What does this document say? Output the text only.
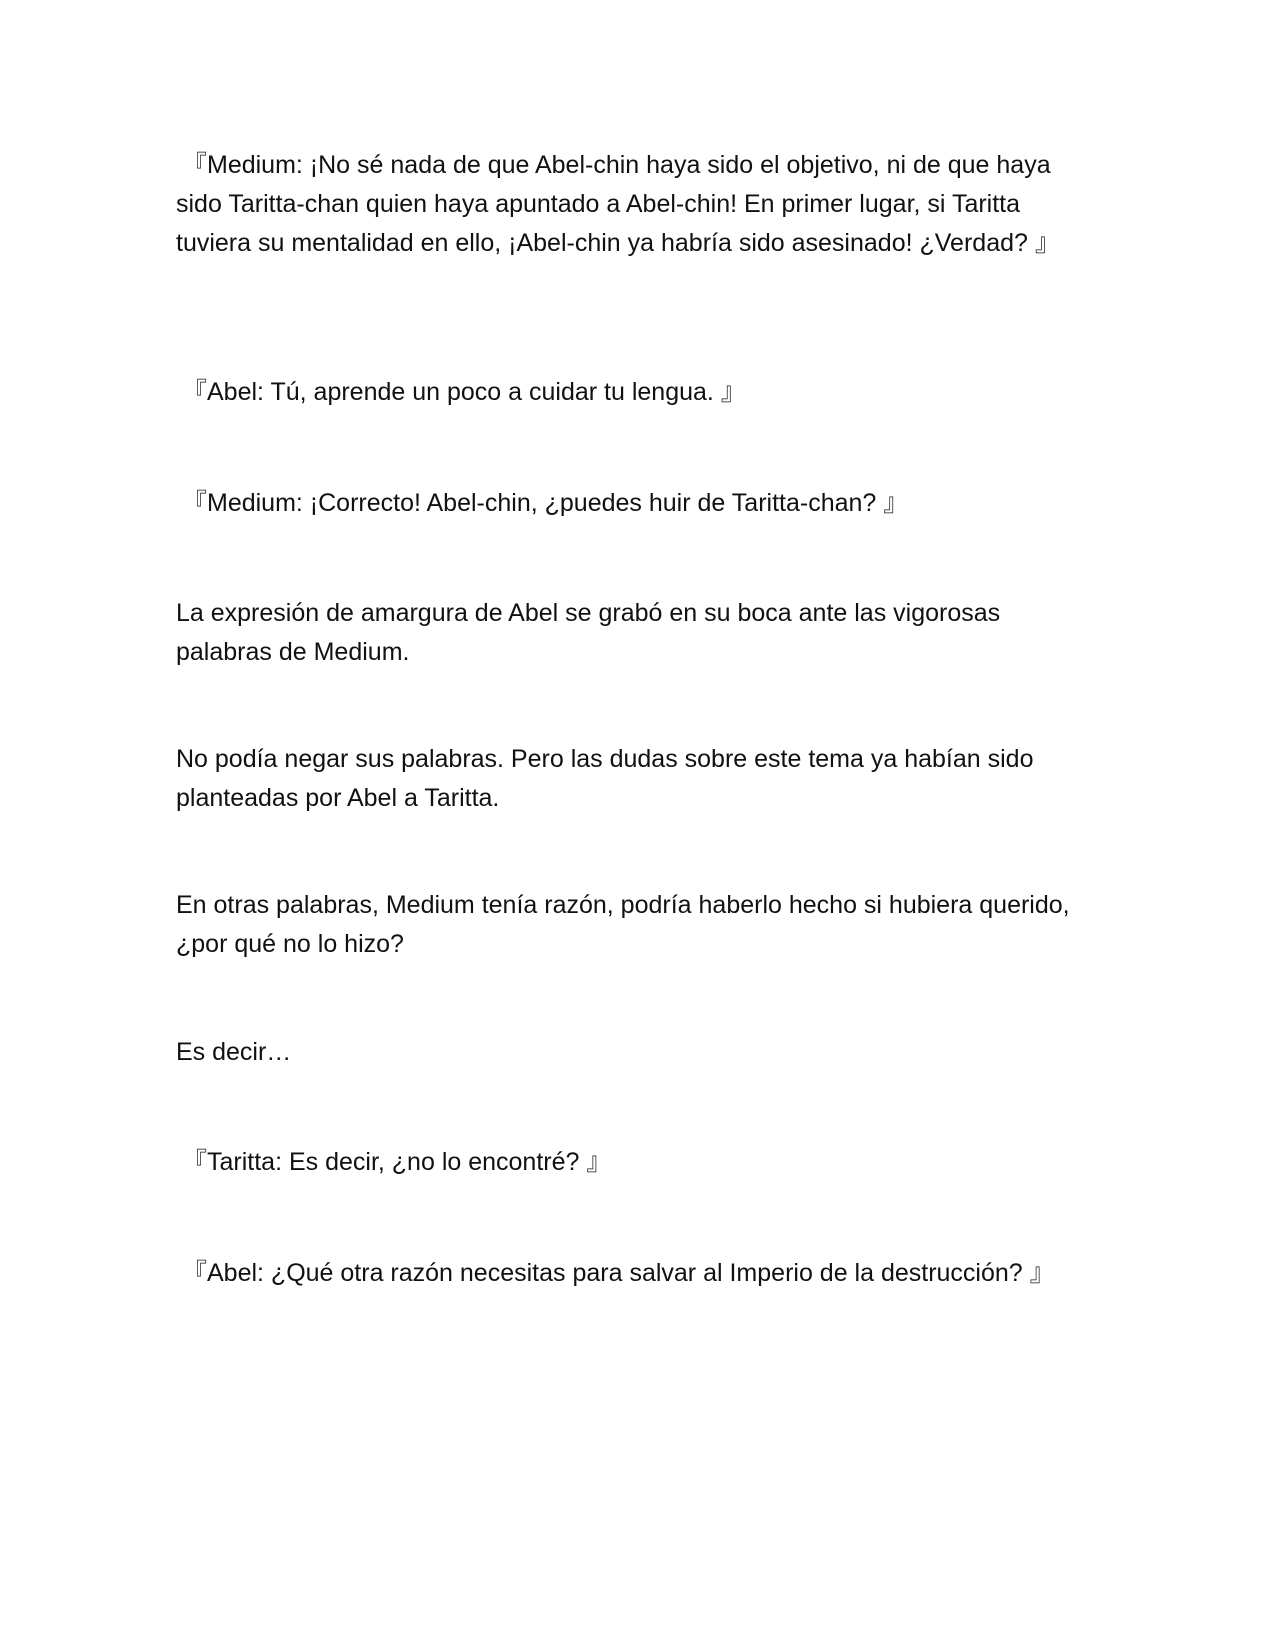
『Medium: ¡No sé nada de que Abel-chin haya sido el objetivo, ni de que haya sido Taritta-chan quien haya apuntado a Abel-chin! En primer lugar, si Taritta tuviera su mentalidad en ello, ¡Abel-chin ya habría sido asesinado! ¿Verdad? 』

『Abel: Tú, aprende un poco a cuidar tu lengua. 』

『Medium: ¡Correcto! Abel-chin, ¿puedes huir de Taritta-chan? 』

La expresión de amargura de Abel se grabó en su boca ante las vigorosas palabras de Medium.

No podía negar sus palabras. Pero las dudas sobre este tema ya habían sido planteadas por Abel a Taritta.

En otras palabras, Medium tenía razón, podría haberlo hecho si hubiera querido, ¿por qué no lo hizo?

Es decir…

『Taritta: Es decir, ¿no lo encontré? 』

『Abel: ¿Qué otra razón necesitas para salvar al Imperio de la destrucción? 』
